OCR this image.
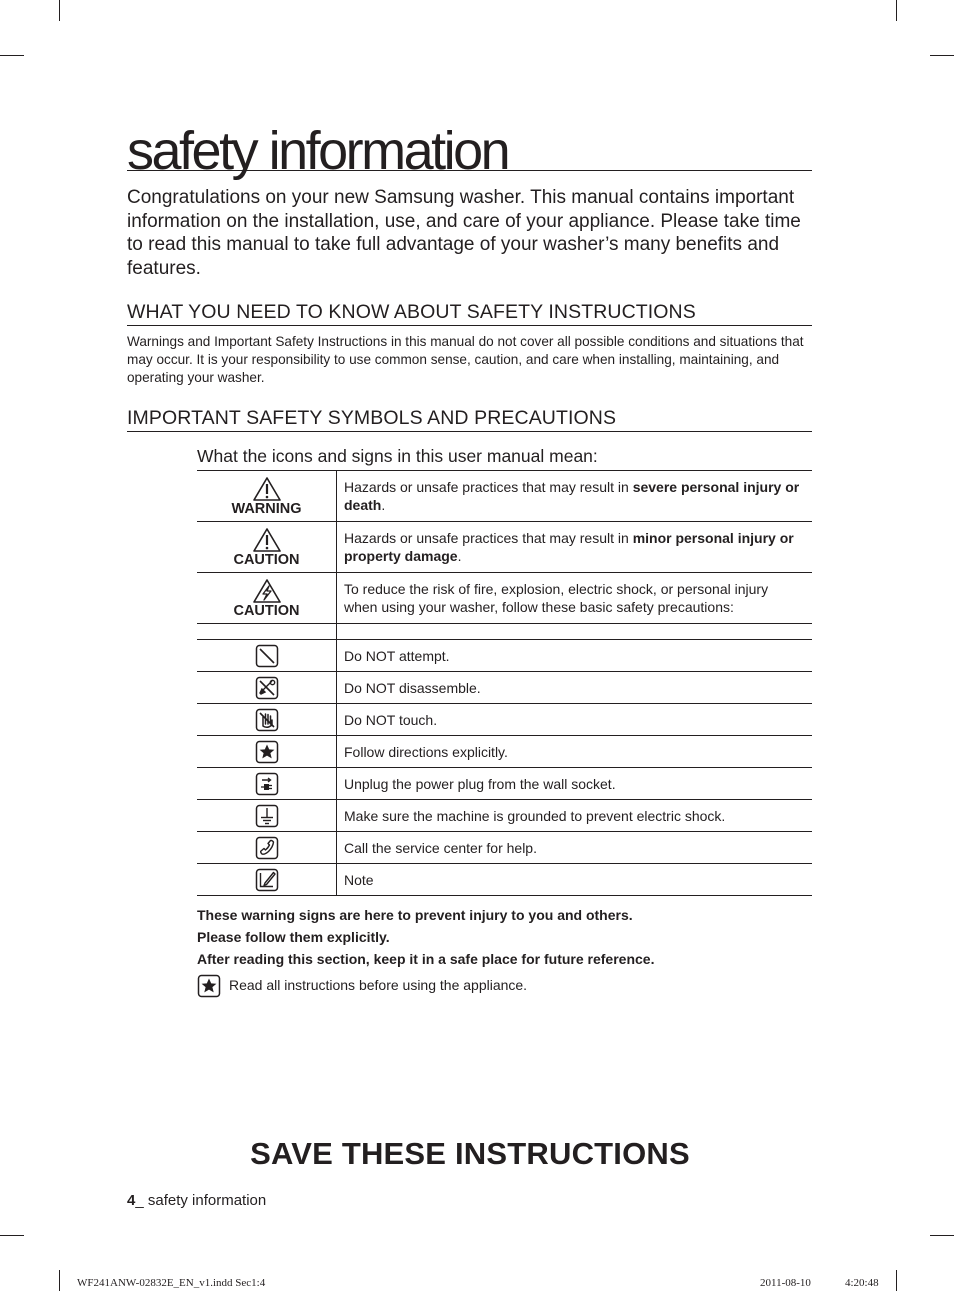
safety information
Congratulations on your new Samsung washer. This manual contains important information on the installation, use, and care of your appliance. Please take time to read this manual to take full advantage of your washer’s many benefits and features.
WHAT YOU NEED TO KNOW ABOUT SAFETY INSTRUCTIONS
Warnings and Important Safety Instructions in this manual do not cover all possible conditions and situations that may occur. It is your responsibility to use common sense, caution, and care when installing, maintaining, and operating your washer.
IMPORTANT SAFETY SYMBOLS AND PRECAUTIONS
What the icons and signs in this user manual mean:
WARNING	Hazards or unsafe practices that may result in severe personal injury or death.

CAUTION	Hazards or unsafe practices that may result in minor personal injury or property damage.

CAUTION	To reduce the risk of fire, explosion, electric shock, or personal injury when using your washer, follow these basic safety precautions:

	Do NOT attempt.

	Do NOT disassemble.

	Do NOT touch.

	Follow directions explicitly.

	Unplug the power plug from the wall socket.

	Make sure the machine is grounded to prevent electric shock.

	Call the service center for help.

	Note
These warning signs are here to prevent injury to you and others.
Please follow them explicitly.
After reading this section, keep it in a safe place for future reference.
Read all instructions before using the appliance.
SAVE THESE INSTRUCTIONS
4_ safety information
WF241ANW-02832E_EN_v1.indd Sec1:4	2011-08-10	4:20:48
